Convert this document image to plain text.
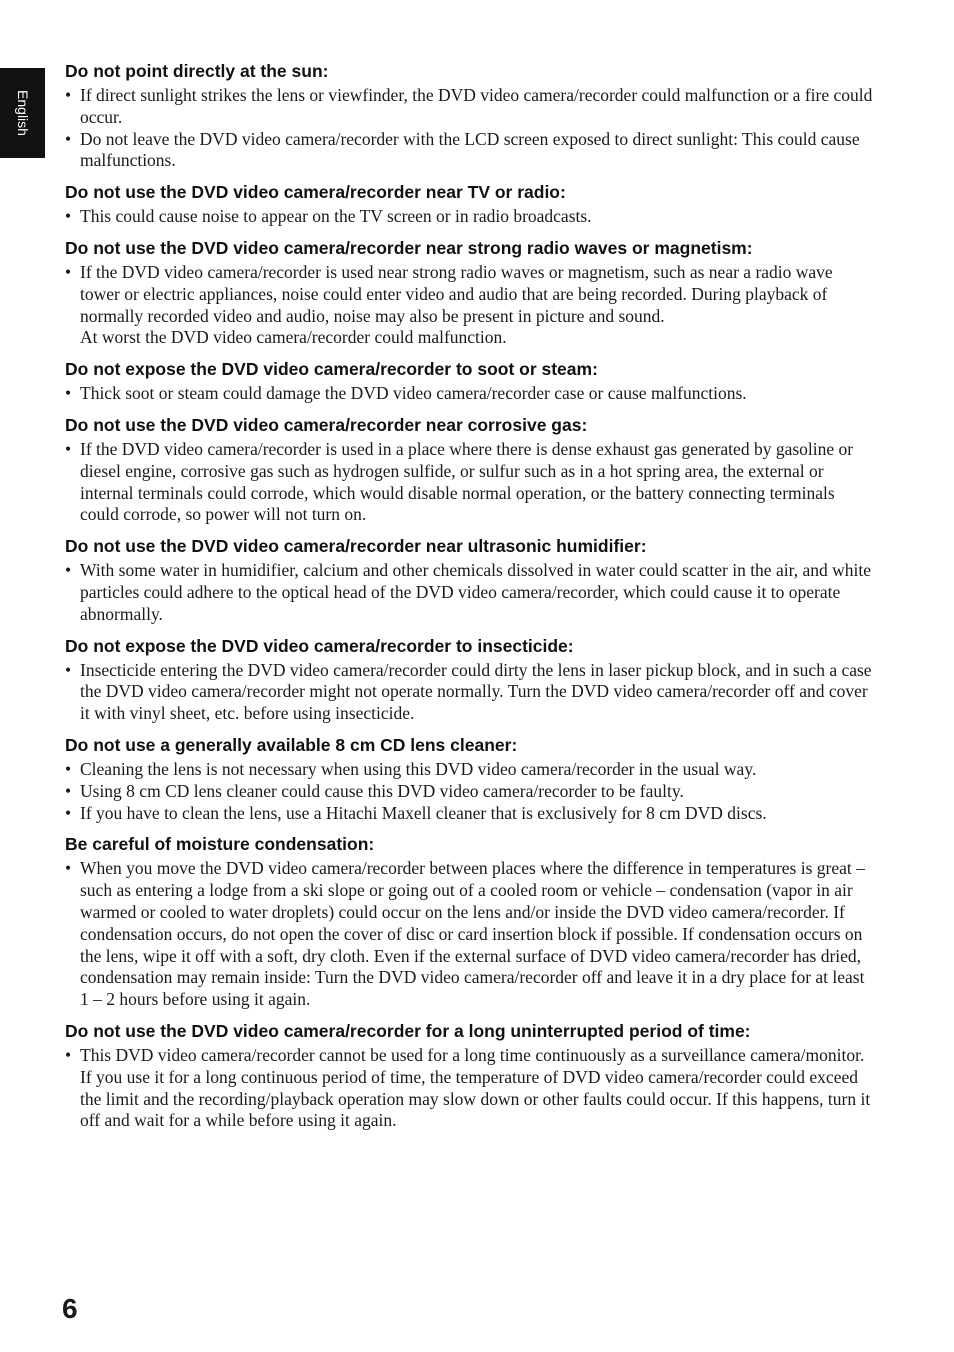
English
Do not point directly at the sun:
• If direct sunlight strikes the lens or viewfinder, the DVD video camera/recorder could malfunction or a fire could occur.
• Do not leave the DVD video camera/recorder with the LCD screen exposed to direct sunlight: This could cause malfunctions.
Do not use the DVD video camera/recorder near TV or radio:
• This could cause noise to appear on the TV screen or in radio broadcasts.
Do not use the DVD video camera/recorder near strong radio waves or magnetism:
• If the DVD video camera/recorder is used near strong radio waves or magnetism, such as near a radio wave tower or electric appliances, noise could enter video and audio that are being recorded. During playback of normally recorded video and audio, noise may also be present in picture and sound.
At worst the DVD video camera/recorder could malfunction.
Do not expose the DVD video camera/recorder to soot or steam:
• Thick soot or steam could damage the DVD video camera/recorder case or cause malfunctions.
Do not use the DVD video camera/recorder near corrosive gas:
• If the DVD video camera/recorder is used in a place where there is dense exhaust gas generated by gasoline or diesel engine, corrosive gas such as hydrogen sulfide, or sulfur such as in a hot spring area, the external or internal terminals could corrode, which would disable normal operation, or the battery connecting terminals could corrode, so power will not turn on.
Do not use the DVD video camera/recorder near ultrasonic humidifier:
• With some water in humidifier, calcium and other chemicals dissolved in water could scatter in the air, and white particles could adhere to the optical head of the DVD video camera/recorder, which could cause it to operate abnormally.
Do not expose the DVD video camera/recorder to insecticide:
• Insecticide entering the DVD video camera/recorder could dirty the lens in laser pickup block, and in such a case the DVD video camera/recorder might not operate normally. Turn the DVD video camera/recorder off and cover it with vinyl sheet, etc. before using insecticide.
Do not use a generally available 8 cm CD lens cleaner:
• Cleaning the lens is not necessary when using this DVD video camera/recorder in the usual way.
• Using 8 cm CD lens cleaner could cause this DVD video camera/recorder to be faulty.
• If you have to clean the lens, use a Hitachi Maxell cleaner that is exclusively for 8 cm DVD discs.
Be careful of moisture condensation:
• When you move the DVD video camera/recorder between places where the difference in temperatures is great – such as entering a lodge from a ski slope or going out of a cooled room or vehicle – condensation (vapor in air warmed or cooled to water droplets) could occur on the lens and/or inside the DVD video camera/recorder. If condensation occurs, do not open the cover of disc or card insertion block if possible. If condensation occurs on the lens, wipe it off with a soft, dry cloth. Even if the external surface of DVD video camera/recorder has dried, condensation may remain inside: Turn the DVD video camera/recorder off and leave it in a dry place for at least 1 – 2 hours before using it again.
Do not use the DVD video camera/recorder for a long uninterrupted period of time:
• This DVD video camera/recorder cannot be used for a long time continuously as a surveillance camera/monitor. If you use it for a long continuous period of time, the temperature of DVD video camera/recorder could exceed the limit and the recording/playback operation may slow down or other faults could occur. If this happens, turn it off and wait for a while before using it again.
6
